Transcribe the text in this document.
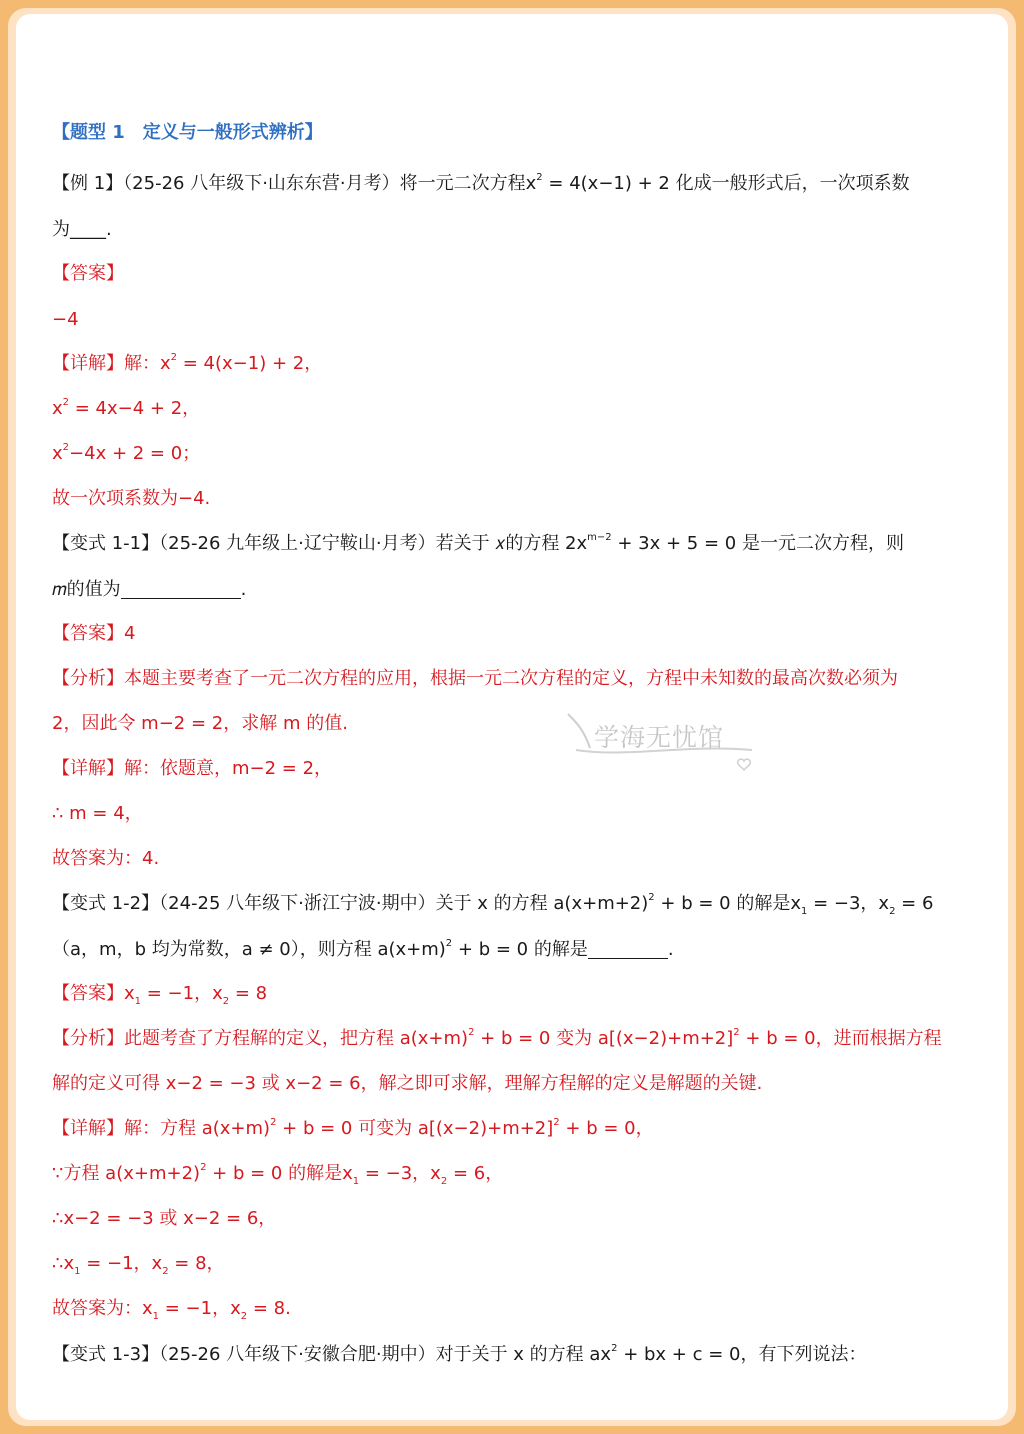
【题型 1　定义与一般形式辨析】
【例 1】（25-26 八年级下·山东东营·月考）将一元二次方程$x^2 = 4(x-1) + 2$ 化成一般形式后，一次项系数
为____.
【答案】
−4
【详解】解：$x^2 = 4(x-1) + 2$，
$x^2 = 4x-4 + 2$，
$x^2-4x + 2 = 0$；
故一次项系数为−4.
【变式 1-1】（25-26 九年级上·辽宁鞍山·月考）若关于 𝑥的方程 $2x^{m-2} + 3x + 5 = 0$ 是一元二次方程，则
𝑚的值为	.
【答案】4
【分析】本题主要考查了一元二次方程的应用，根据一元二次方程的定义，方程中未知数的最高次数必须为
2，因此令 m−2 = 2，求解 m 的值.
【详解】解：依题意，m−2 = 2，
∴ m = 4，
故答案为：4.
【变式 1-2】（24-25 八年级下·浙江宁波·期中）关于 x 的方程 $a(x+m+2)^2 + b = 0$ 的解是$x_1 = -3$，$x_2 = 6$
（a，m，b 均为常数，a ≠ 0），则方程 $a(x+m)^2 + b = 0$ 的解是	.
【答案】$x_1 = -1$，$x_2 = 8$
【分析】此题考查了方程解的定义，把方程 $a(x+m)^2 + b = 0$ 变为 $a[(x-2)+m+2]^2 + b = 0$，进而根据方程
解的定义可得 x−2 = −3 或 x−2 = 6，解之即可求解，理解方程解的定义是解题的关键.
【详解】解：方程 $a(x+m)^2 + b = 0$ 可变为 $a[(x-2)+m+2]^2 + b = 0$，
∵方程 $a(x+m+2)^2 + b = 0$ 的解是$x_1 = -3$，$x_2 = 6$，
∴x−2 = −3 或 x−2 = 6，
$\therefore x_1 = -1$，$x_2 = 8$，
故答案为：$x_1 = -1$，$x_2 = 8$.
【变式 1-3】（25-26 八年级下·安徽合肥·期中）对于关于 x 的方程 $ax^2$ + bx + c = 0，有下列说法：
学海无忧馆
